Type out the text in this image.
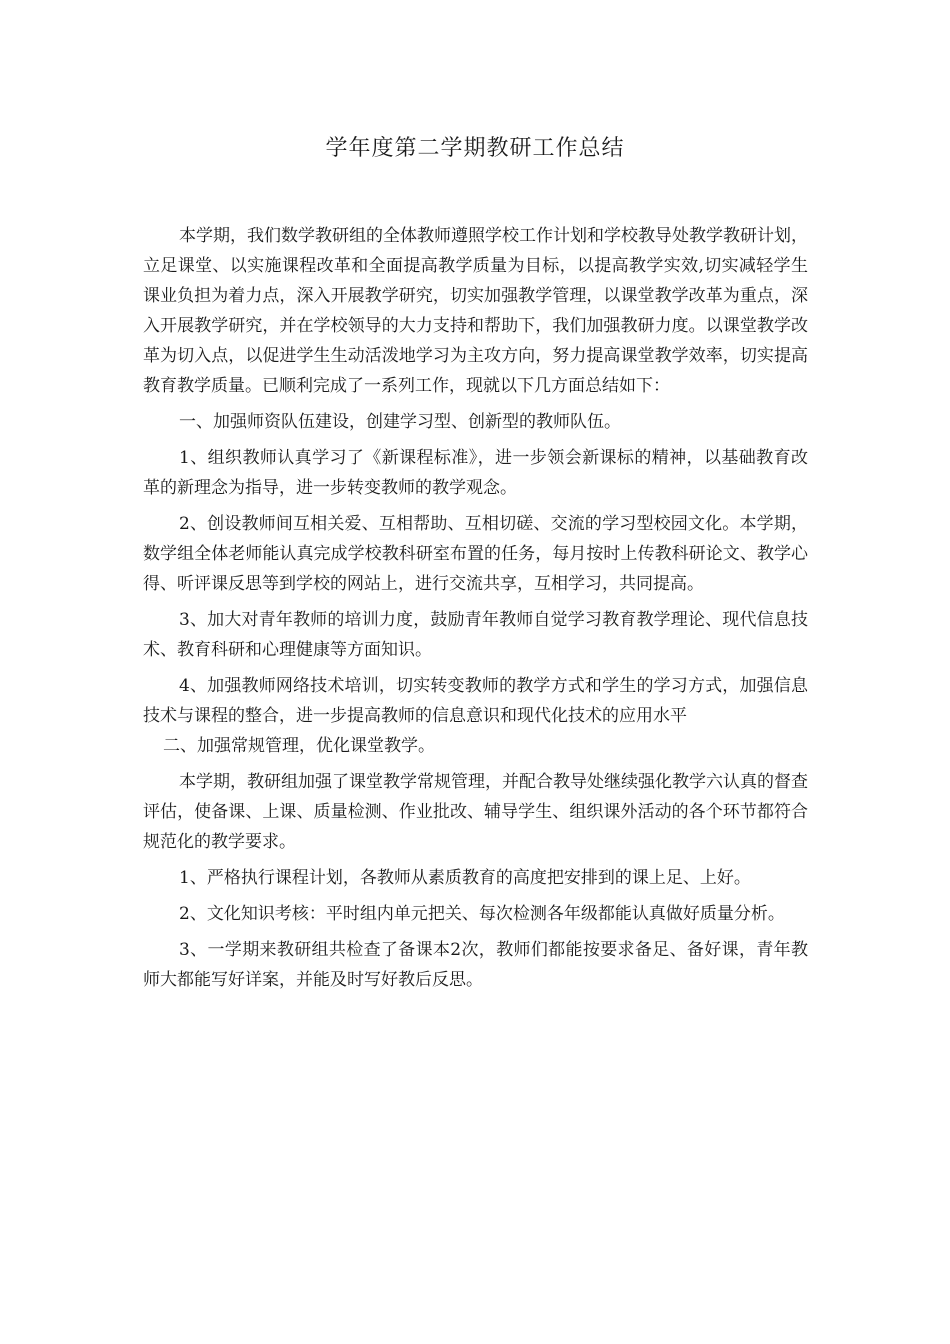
学年度第二学期教研工作总结

本学期，我们数学教研组的全体教师遵照学校工作计划和学校教导处教学教研计划，立足课堂、以实施课程改革和全面提高教学质量为目标，以提高教学实效,切实减轻学生课业负担为着力点，深入开展教学研究，切实加强教学管理，以课堂教学改革为重点，深入开展教学研究，并在学校领导的大力支持和帮助下，我们加强教研力度。以课堂教学改革为切入点，以促进学生生动活泼地学习为主攻方向，努力提高课堂教学效率，切实提高教育教学质量。已顺利完成了一系列工作，现就以下几方面总结如下：

一、加强师资队伍建设，创建学习型、创新型的教师队伍。

1、组织教师认真学习了《新课程标准》，进一步领会新课标的精神，以基础教育改革的新理念为指导，进一步转变教师的教学观念。

2、创设教师间互相关爱、互相帮助、互相切磋、交流的学习型校园文化。本学期，数学组全体老师能认真完成学校教科研室布置的任务，每月按时上传教科研论文、教学心得、听评课反思等到学校的网站上，进行交流共享，互相学习，共同提高。

3、加大对青年教师的培训力度，鼓励青年教师自觉学习教育教学理论、现代信息技术、教育科研和心理健康等方面知识。

4、加强教师网络技术培训，切实转变教师的教学方式和学生的学习方式，加强信息技术与课程的整合，进一步提高教师的信息意识和现代化技术的应用水平

二、加强常规管理，优化课堂教学。

本学期，教研组加强了课堂教学常规管理，并配合教导处继续强化教学六认真的督查评估，使备课、上课、质量检测、作业批改、辅导学生、组织课外活动的各个环节都符合规范化的教学要求。

1、严格执行课程计划，各教师从素质教育的高度把安排到的课上足、上好。

2、文化知识考核：平时组内单元把关、每次检测各年级都能认真做好质量分析。

3、一学期来教研组共检查了备课本2次，教师们都能按要求备足、备好课，青年教师大都能写好详案，并能及时写好教后反思。
